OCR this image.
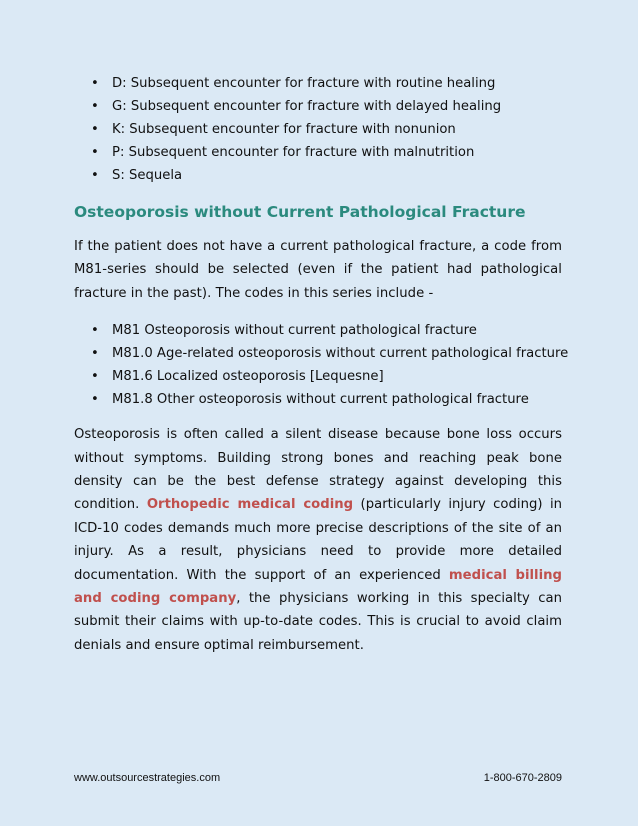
• D: Subsequent encounter for fracture with routine healing
• G: Subsequent encounter for fracture with delayed healing
• K: Subsequent encounter for fracture with nonunion
• P: Subsequent encounter for fracture with malnutrition
• S: Sequela
Osteoporosis without Current Pathological Fracture

If the patient does not have a current pathological fracture, a code from M81-series should be selected (even if the patient had pathological fracture in the past). The codes in this series include -

• M81 Osteoporosis without current pathological fracture
• M81.0 Age-related osteoporosis without current pathological fracture
• M81.6 Localized osteoporosis [Lequesne]
• M81.8 Other osteoporosis without current pathological fracture

Osteoporosis is often called a silent disease because bone loss occurs without symptoms. Building strong bones and reaching peak bone density can be the best defense strategy against developing this condition. Orthopedic medical coding (particularly injury coding) in ICD-10 codes demands much more precise descriptions of the site of an injury. As a result, physicians need to provide more detailed documentation. With the support of an experienced medical billing and coding company, the physicians working in this specialty can submit their claims with up-to-date codes. This is crucial to avoid claim denials and ensure optimal reimbursement.

www.outsourcestrategies.com	1-800-670-2809
